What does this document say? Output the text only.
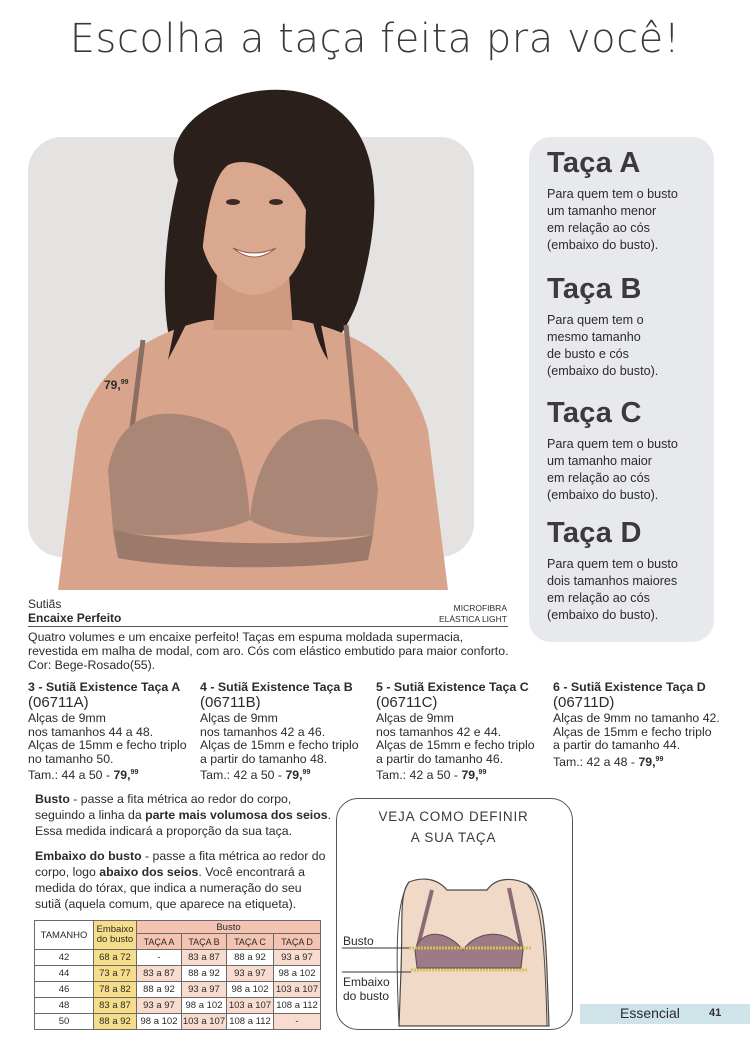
Escolha a taça feita pra você!
79,99
Taça A

Para quem tem o busto
um tamanho menor
em relação ao cós
(embaixo do busto).

Taça B

Para quem tem o
mesmo tamanho
de busto e cós
(embaixo do busto).

Taça C

Para quem tem o busto
um tamanho maior
em relação ao cós
(embaixo do busto).

Taça D

Para quem tem o busto
dois tamanhos maiores
em relação ao cós
(embaixo do busto).

Sutiãs
Encaixe Perfeito
MICROFIBRA
ELÁSTICA LIGHT
Quatro volumes e um encaixe perfeito! Taças em espuma moldada supermacia,
revestida em malha de modal, com aro. Cós com elástico embutido para maior conforto.
Cor: Bege-Rosado(55).
3 - Sutiã Existence Taça A
(06711A)
Alças de 9mm
nos tamanhos 44 a 48.
Alças de 15mm e fecho triplo
no tamanho 50.
Tam.: 44 a 50 - 79,99
4 - Sutiã Existence Taça B
(06711B)
Alças de 9mm
nos tamanhos 42 a 46.
Alças de 15mm e fecho triplo
a partir do tamanho 48.
Tam.: 42 a 50 - 79,99
5 - Sutiã Existence Taça C
(06711C)
Alças de 9mm
nos tamanhos 42 e 44.
Alças de 15mm e fecho triplo
a partir do tamanho 46.
Tam.: 42 a 50 - 79,99
6 - Sutiã Existence Taça D
(06711D)
Alças de 9mm no tamanho 42.
Alças de 15mm e fecho triplo
a partir do tamanho 44.
Tam.: 42 a 48 - 79,99
Busto - passe a fita métrica ao redor do corpo,
seguindo a linha da parte mais volumosa dos seios.
Essa medida indicará a proporção da sua taça.
Embaixo do busto - passe a fita métrica ao redor do
corpo, logo abaixo dos seios. Você encontrará a
medida do tórax, que indica a numeração do seu
sutiã (aquela comum, que aparece na etiqueta).
TAMANHO	Embaixo
do busto	Busto			
		TAÇA A	TAÇA B	TAÇA C	TAÇA D
42	68 a 72	-	83 a 87	88 a 92	93 a 97
44	73 a 77	83 a 87	88 a 92	93 a 97	98 a 102
46	78 a 82	88 a 92	93 a 97	98 a 102	103 a 107
48	83 a 87	93 a 97	98 a 102	103 a 107	108 a 112
50	88 a 92	98 a 102	103 a 107	108 a 112	-
VEJA COMO DEFINIR
A SUA TAÇA
Busto
Embaixo
do busto
Essencial	41
